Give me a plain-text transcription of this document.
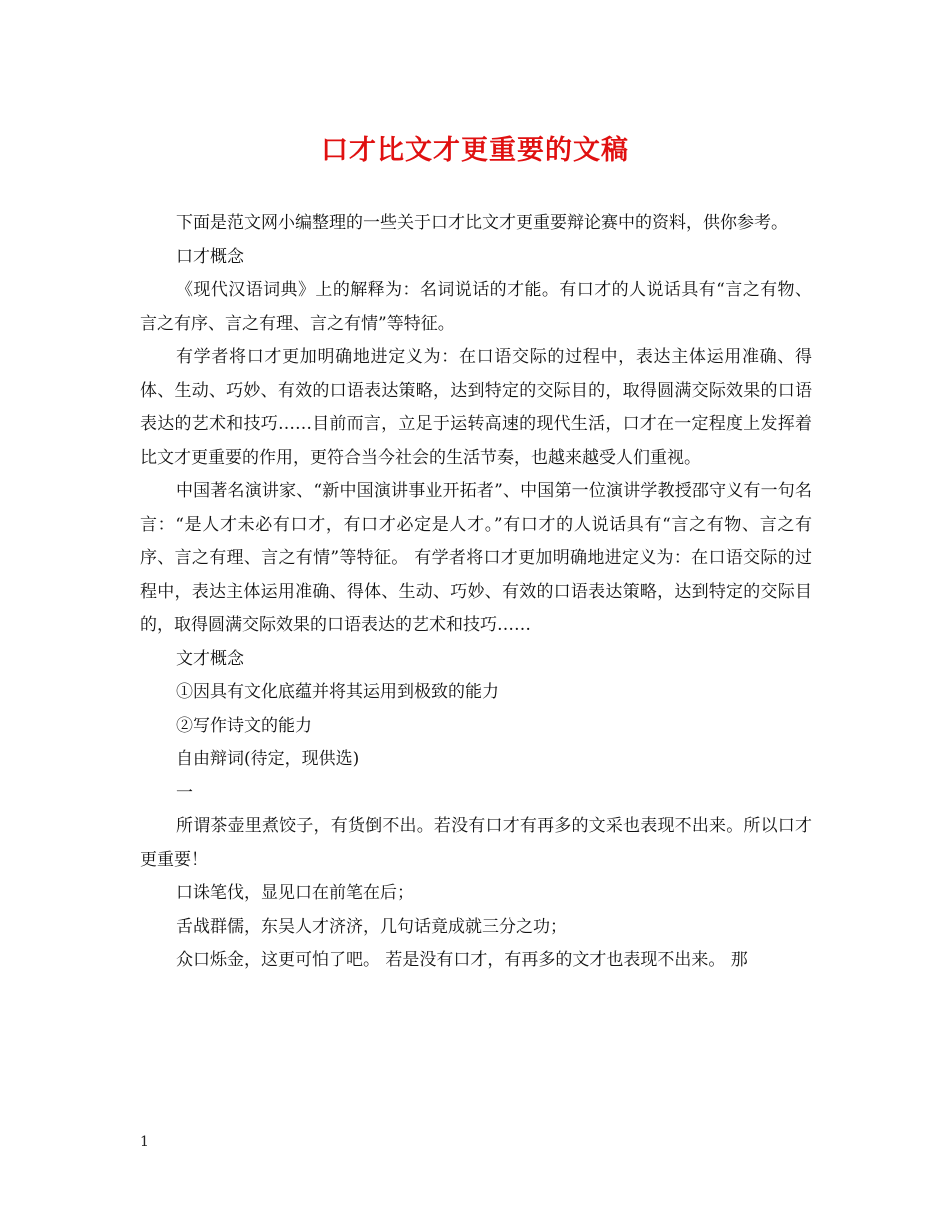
口才比文才更重要的文稿

下面是范文网小编整理的一些关于口才比文才更重要辩论赛中的资料，供你参考。

口才概念

《现代汉语词典》上的解释为：名词说话的才能。有口才的人说话具有“言之有物、言之有序、言之有理、言之有情”等特征。

有学者将口才更加明确地进定义为：在口语交际的过程中，表达主体运用准确、得体、生动、巧妙、有效的口语表达策略，达到特定的交际目的，取得圆满交际效果的口语表达的艺术和技巧……目前而言，立足于运转高速的现代生活，口才在一定程度上发挥着比文才更重要的作用，更符合当今社会的生活节奏，也越来越受人们重视。

中国著名演讲家、“新中国演讲事业开拓者”、中国第一位演讲学教授邵守义有一句名言：“是人才未必有口才，有口才必定是人才。”有口才的人说话具有“言之有物、言之有序、言之有理、言之有情”等特征。 有学者将口才更加明确地进定义为：在口语交际的过程中，表达主体运用准确、得体、生动、巧妙、有效的口语表达策略，达到特定的交际目的，取得圆满交际效果的口语表达的艺术和技巧……

文才概念

①因具有文化底蕴并将其运用到极致的能力

②写作诗文的能力

自由辩词(待定，现供选)

一

所谓茶壶里煮饺子，有货倒不出。若没有口才有再多的文采也表现不出来。所以口才更重要！

口诛笔伐，显见口在前笔在后；

舌战群儒，东吴人才济济，几句话竟成就三分之功；

众口烁金，这更可怕了吧。 若是没有口才，有再多的文才也表现不出来。 那

1
